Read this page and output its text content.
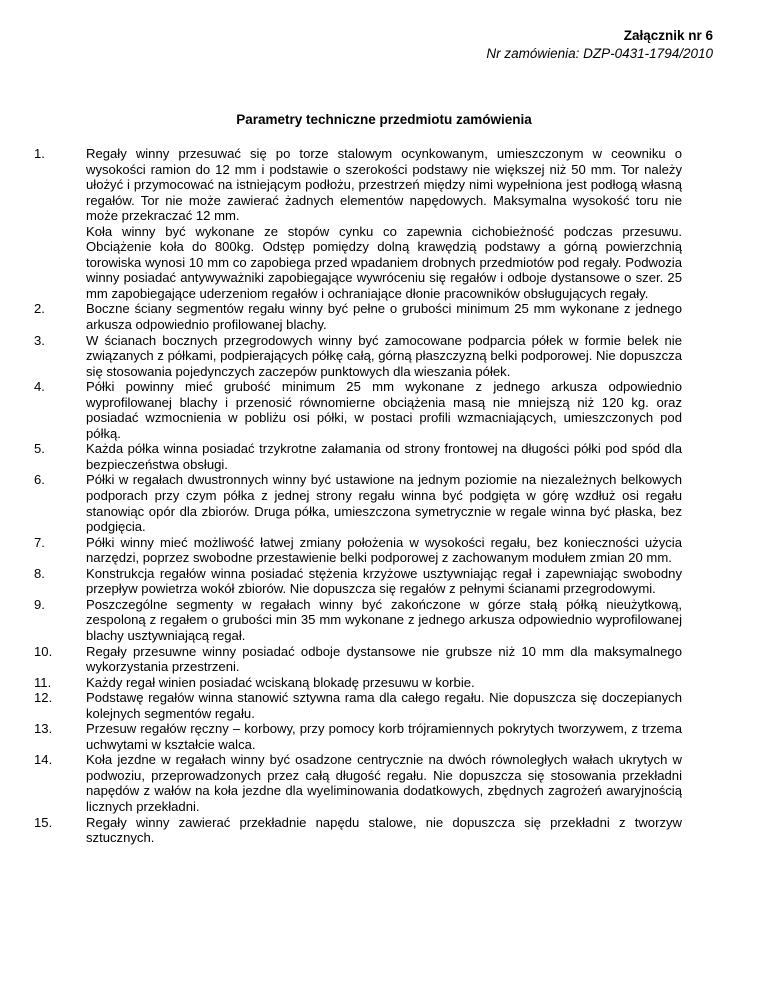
Załącznik nr 6
Nr zamówienia: DZP-0431-1794/2010
Parametry techniczne przedmiotu zamówienia
1.	Regały winny przesuwać się po torze stalowym ocynkowanym, umieszczonym w ceowniku o wysokości ramion do 12 mm i podstawie o szerokości podstawy nie większej niż 50 mm. Tor należy ułożyć i przymocować na istniejącym podłożu, przestrzeń między nimi wypełniona jest podłogą własną regałów. Tor nie może zawierać żadnych elementów napędowych. Maksymalna wysokość toru nie może przekraczać 12 mm.

Koła winny być wykonane ze stopów cynku co zapewnia cichobieżność podczas przesuwu. Obciążenie koła do 800kg. Odstęp pomiędzy dolną krawędzią podstawy a górną powierzchnią torowiska wynosi 10 mm co zapobiega przed wpadaniem drobnych przedmiotów pod regały. Podwozia winny posiadać antywyważniki zapobiegające wywróceniu się regałów i odboje dystansowe o szer. 25 mm zapobiegające uderzeniom regałów i ochraniające dłonie pracowników obsługujących regały.

2.	Boczne ściany segmentów regału winny być pełne o grubości minimum 25 mm wykonane z jednego arkusza odpowiednio profilowanej blachy.

3.	W ścianach bocznych przegrodowych winny być zamocowane podparcia półek w formie belek nie związanych z półkami, podpierających półkę całą, górną płaszczyzną belki podporowej. Nie dopuszcza się stosowania pojedynczych zaczepów punktowych dla wieszania półek.

4.	Półki powinny mieć grubość minimum 25 mm wykonane z jednego arkusza odpowiednio wyprofilowanej blachy i przenosić równomierne obciążenia masą nie mniejszą niż 120 kg. oraz posiadać wzmocnienia w pobliżu osi półki, w postaci profili wzmacniających, umieszczonych pod półką.

5.	Każda półka winna posiadać trzykrotne załamania od strony frontowej na długości półki pod spód dla bezpieczeństwa obsługi.

6.	Półki w regałach dwustronnych winny być ustawione na jednym poziomie na niezależnych belkowych podporach przy czym półka z jednej strony regału winna być podgięta w górę wzdłuż osi regału stanowiąc opór dla zbiorów. Druga półka, umieszczona symetrycznie w regale winna być płaska, bez podgięcia.

7.	Półki winny mieć możliwość łatwej zmiany położenia w wysokości regału, bez konieczności użycia narzędzi, poprzez swobodne przestawienie belki podporowej z zachowanym modułem zmian 20 mm.

8.	Konstrukcja regałów winna posiadać stężenia krzyżowe usztywniając regał i zapewniając swobodny przepływ powietrza wokół zbiorów. Nie dopuszcza się regałów z pełnymi ścianami przegrodowymi.

9.	Poszczególne segmenty w regałach winny być zakończone w górze stałą półką nieużytkową, zespoloną z regałem o grubości min 35 mm wykonane z jednego arkusza odpowiednio wyprofilowanej blachy usztywniającą regał.

10.	Regały przesuwne winny posiadać odboje dystansowe nie grubsze niż 10 mm dla maksymalnego wykorzystania przestrzeni.

11.	Każdy regał winien posiadać wciskaną blokadę przesuwu w korbie.

12.	Podstawę regałów winna stanowić sztywna rama dla całego regału. Nie dopuszcza się doczepianych kolejnych segmentów regału.

13.	Przesuw regałów ręczny – korbowy, przy pomocy korb trójramiennych pokrytych tworzywem, z trzema uchwytami w kształcie walca.

14.	Koła jezdne w regałach winny być osadzone centrycznie na dwóch równoległych wałach ukrytych w podwoziu, przeprowadzonych przez całą długość regału. Nie dopuszcza się stosowania przekładni napędów z wałów na koła jezdne dla wyeliminowania dodatkowych, zbędnych zagrożeń awaryjnością licznych przekładni.

15.	Regały winny zawierać przekładnie napędu stalowe, nie dopuszcza się przekładni z tworzyw sztucznych.
